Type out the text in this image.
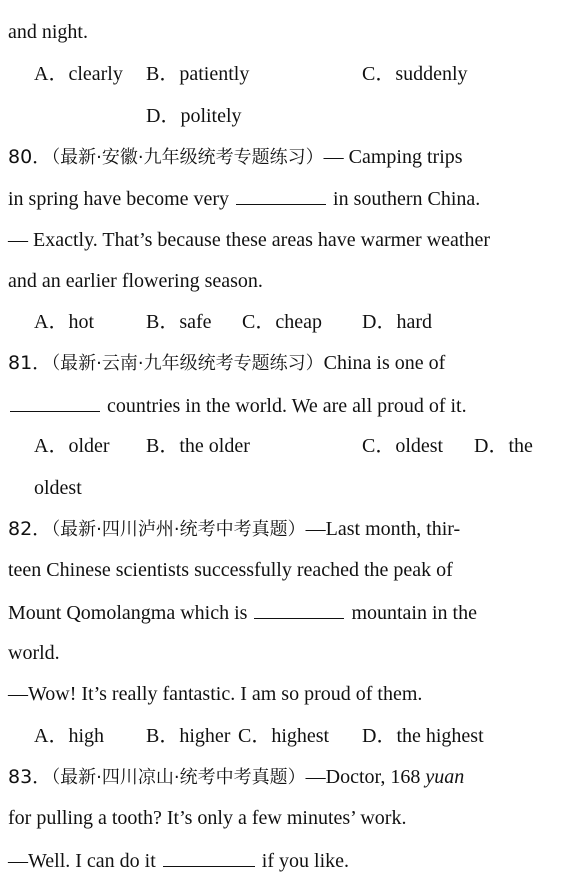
and night.
A．clearly B．patiently	C．suddenly
D．politely
80．（最新·安徽·九年级统考专题练习）— Camping trips
in spring have become very	in southern China.
— Exactly. That’s because these areas have warmer weather
and an earlier flowering season.
A．hot	B．safe C．cheap D．hard
81．（最新·云南·九年级统考专题练习）China is one of
countries in the world. We are all proud of it.
A．older B．the older	C．oldest D．the
oldest
82．（最新·四川泸州·统考中考真题）—Last month, thir-
teen Chinese scientists successfully reached the peak of
Mount Qomolangma which is	mountain in the
world.
—Wow! It’s really fantastic. I am so proud of them.
A．high B．higher C．highest D．the highest
83．（最新·四川凉山·统考中考真题）—Doctor, 168 yuan
for pulling a tooth? It’s only a few minutes’ work.
—Well. I can do it	if you like.
